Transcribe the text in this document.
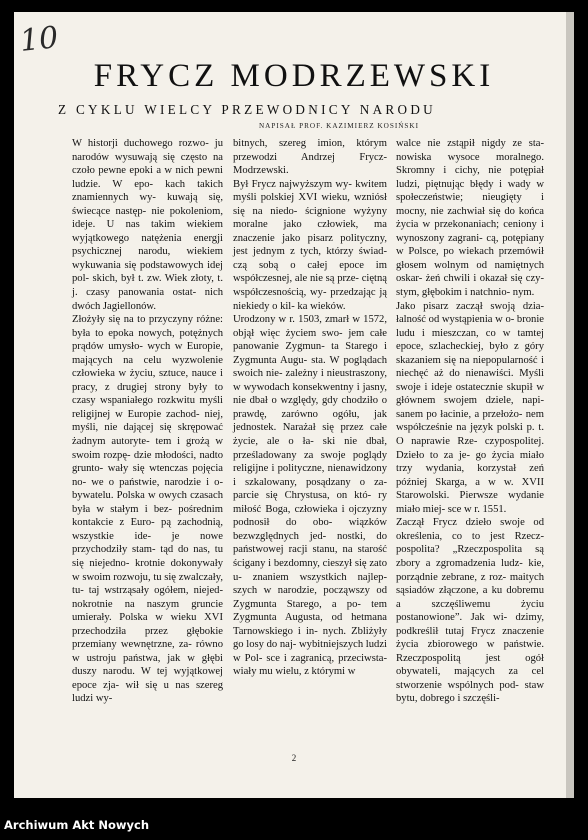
10
FRYCZ MODRZEWSKI
Z CYKLU WIELCY PRZEWODNICY NARODU
NAPISAŁ PROF. KAZIMIERZ KOSIŃSKI

W historji duchowego rozwo- ju narodów wysuwają się często na czoło pewne epoki a w nich pewni ludzie. W epo- kach takich znamiennych wy- kuwają się, świecące następ- nie pokoleniom, ideje. U nas takim wiekiem wyjątkowego natężenia energji psychicznej narodu, wiekiem wykuwania się podstawowych idej pol- skich, był t. zw. Wiek złoty, t. j. czasy panowania ostat- nich dwóch Jagiellonów.

Złożyły się na to przyczyny różne: była to epoka nowych, potężnych prądów umysło- wych w Europie, mających na celu wyzwolenie człowieka w życiu, sztuce, nauce i pracy, z drugiej strony były to czasy wspaniałego rozkwitu myśli religijnej w Europie zachod- niej, myśli, nie dającej się skrępować żadnym autoryte- tem i grożą w swoim rozpę- dzie młodości, nadto grunto- wały się wtenczas pojęcia no- we o państwie, narodzie i o- bywatelu. Polska w owych czasach była w stałym i bez- pośrednim kontakcie z Euro- pą zachodnią, wszystkie ide- je nowe przychodziły stam- tąd do nas, tu się niejedno- krotnie dokonywały w swoim rozwoju, tu się zwalczały, tu- taj wstrząsały ogółem, niejed- nokrotnie na naszym gruncie umierały. Polska w wieku XVI przechodziła przez głębokie przemiany wewnętrzne, za- równo w ustroju państwa, jak w głębi duszy narodu. W tej wyjątkowej epoce zja- wił się u nas szereg ludzi wy-

bitnych, szereg imion, którym przewodzi Andrzej Frycz- Modrzewski.

Był Frycz najwyższym wy- kwitem myśli polskiej XVI wieku, wzniósł się na niedo- ścignione wyżyny moralne jako człowiek, ma znaczenie jako pisarz polityczny, jest jednym z tych, którzy świad- czą sobą o całej epoce im współczesnej, ale nie są prze- ciętną współczesnością, wy- przedzając ją niekiedy o kil- ka wieków.

Urodzony w r. 1503, zmarł w 1572, objął więc życiem swo- jem całe panowanie Zygmun- ta Starego i Zygmunta Augu- sta. W poglądach swoich nie- zależny i nieustraszony, w wywodach konsekwentny i jasny, nie dbał o względy, gdy chodziło o prawdę, zarówno ogółu, jak jednostek. Narażał się przez całe życie, ale o ła- ski nie dbał, prześladowany za swoje poglądy religijne i polityczne, nienawidzony i szkalowany, posądzany o za- parcie się Chrystusa, on któ- ry miłość Boga, człowieka i ojczyzny podnosił do obo- wiązków bezwzględnych jed- nostki, do państwowej racji stanu, na starość ścigany i bezdomny, cieszył się zato u- znaniem wszystkich najlep- szych w narodzie, począwszy od Zygmunta Starego, a po- tem Zygmunta Augusta, od hetmana Tarnowskiego i in- nych. Zbliżyły go losy do naj- wybitniejszych ludzi w Pol- sce i zagranicą, przeciwsta- wiały mu wielu, z którymi w

walce nie zstąpił nigdy ze sta- nowiska wysoce moralnego. Skromny i cichy, nie potępiał ludzi, piętnując błędy i wady w społeczeństwie; nieugięty i mocny, nie zachwiał się do końca życia w przekonaniach; ceniony i wynoszony zagrani- cą, potępiany w Polsce, po wiekach przemówił głosem wolnym od namiętnych oskar- żeń chwili i okazał się czy- stym, głębokim i natchnio- nym.

Jako pisarz zaczął swoją dzia- łalność od wystąpienia w o- bronie ludu i mieszczan, co w tamtej epoce, szlacheckiej, było z góry skazaniem się na niepopularność i niechęć aż do nienawiści. Myśli swoje i ideje ostatecznie skupił w głównem swojem dziele, napi- sanem po łacinie, a przełożo- nem współcześnie na język polski p. t. O naprawie Rze- czypospolitej. Dzieło to za je- go życia miało trzy wydania, korzystał zeń później Skarga, a w w. XVII Starowolski. Pierwsze wydanie miało miej- sce w r. 1551.

Zaczął Frycz dzieło swoje od określenia, co to jest Rzecz- pospolita? „Rzeczpospolita są zbory a zgromadzenia ludz- kie, porządnie zebrane, z roz- maitych sąsiadów złączone, a ku dobremu a szczęśliwemu życiu postanowione”. Jak wi- dzimy, podkreślił tutaj Frycz znaczenie życia zbiorowego w państwie. Rzeczpospolitą jest ogół obywateli, mających za cel stworzenie wspólnych pod- staw bytu, dobrego i szczęśli-

2
Archiwum Akt Nowych
